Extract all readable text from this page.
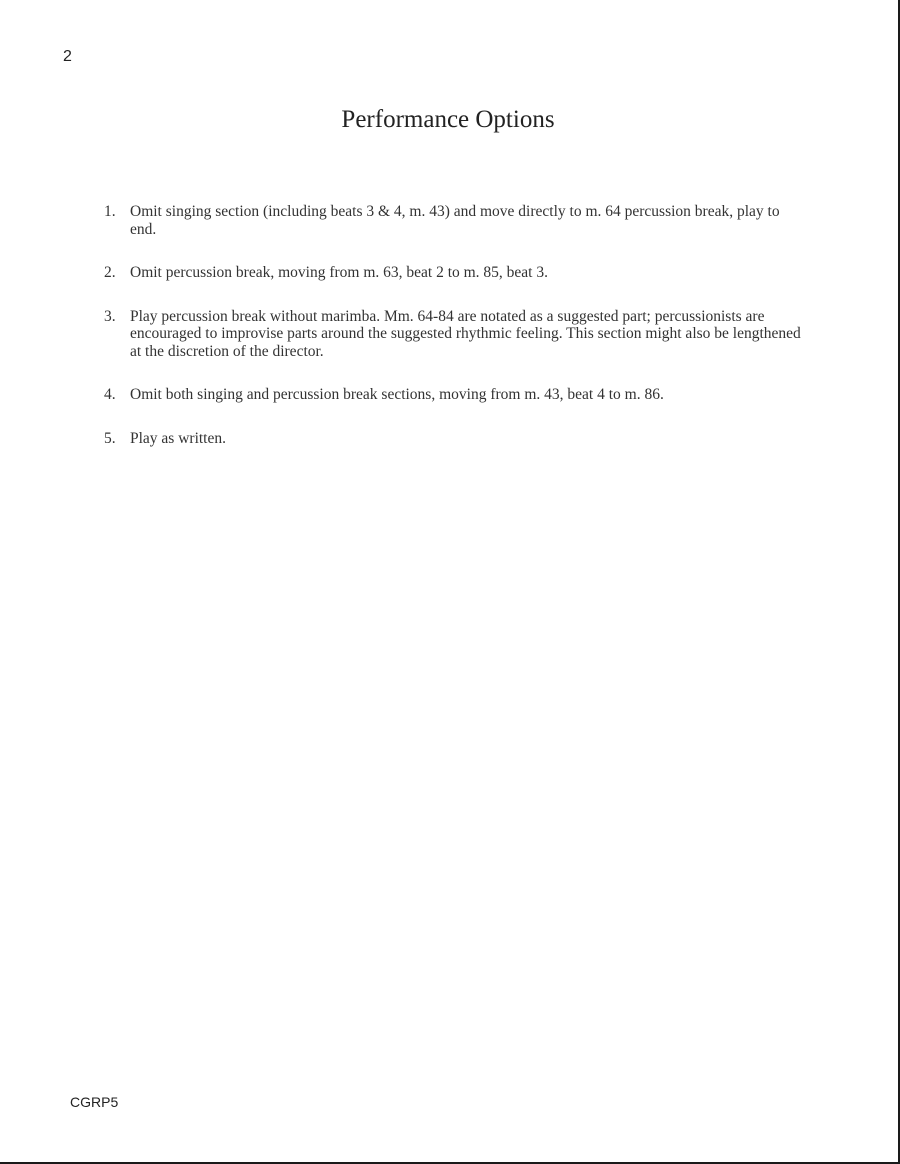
2

Performance Options
1. Omit singing section (including beats 3 & 4, m. 43) and move directly to m. 64 percussion break, play to end.
2. Omit percussion break, moving from m. 63, beat 2 to m. 85, beat 3.
3. Play percussion break without marimba. Mm. 64-84 are notated as a suggested part; percussionists are encouraged to improvise parts around the suggested rhythmic feeling. This section might also be lengthened at the discretion of the director.
4. Omit both singing and percussion break sections, moving from m. 43, beat 4 to m. 86.
5. Play as written.

CGRP5
